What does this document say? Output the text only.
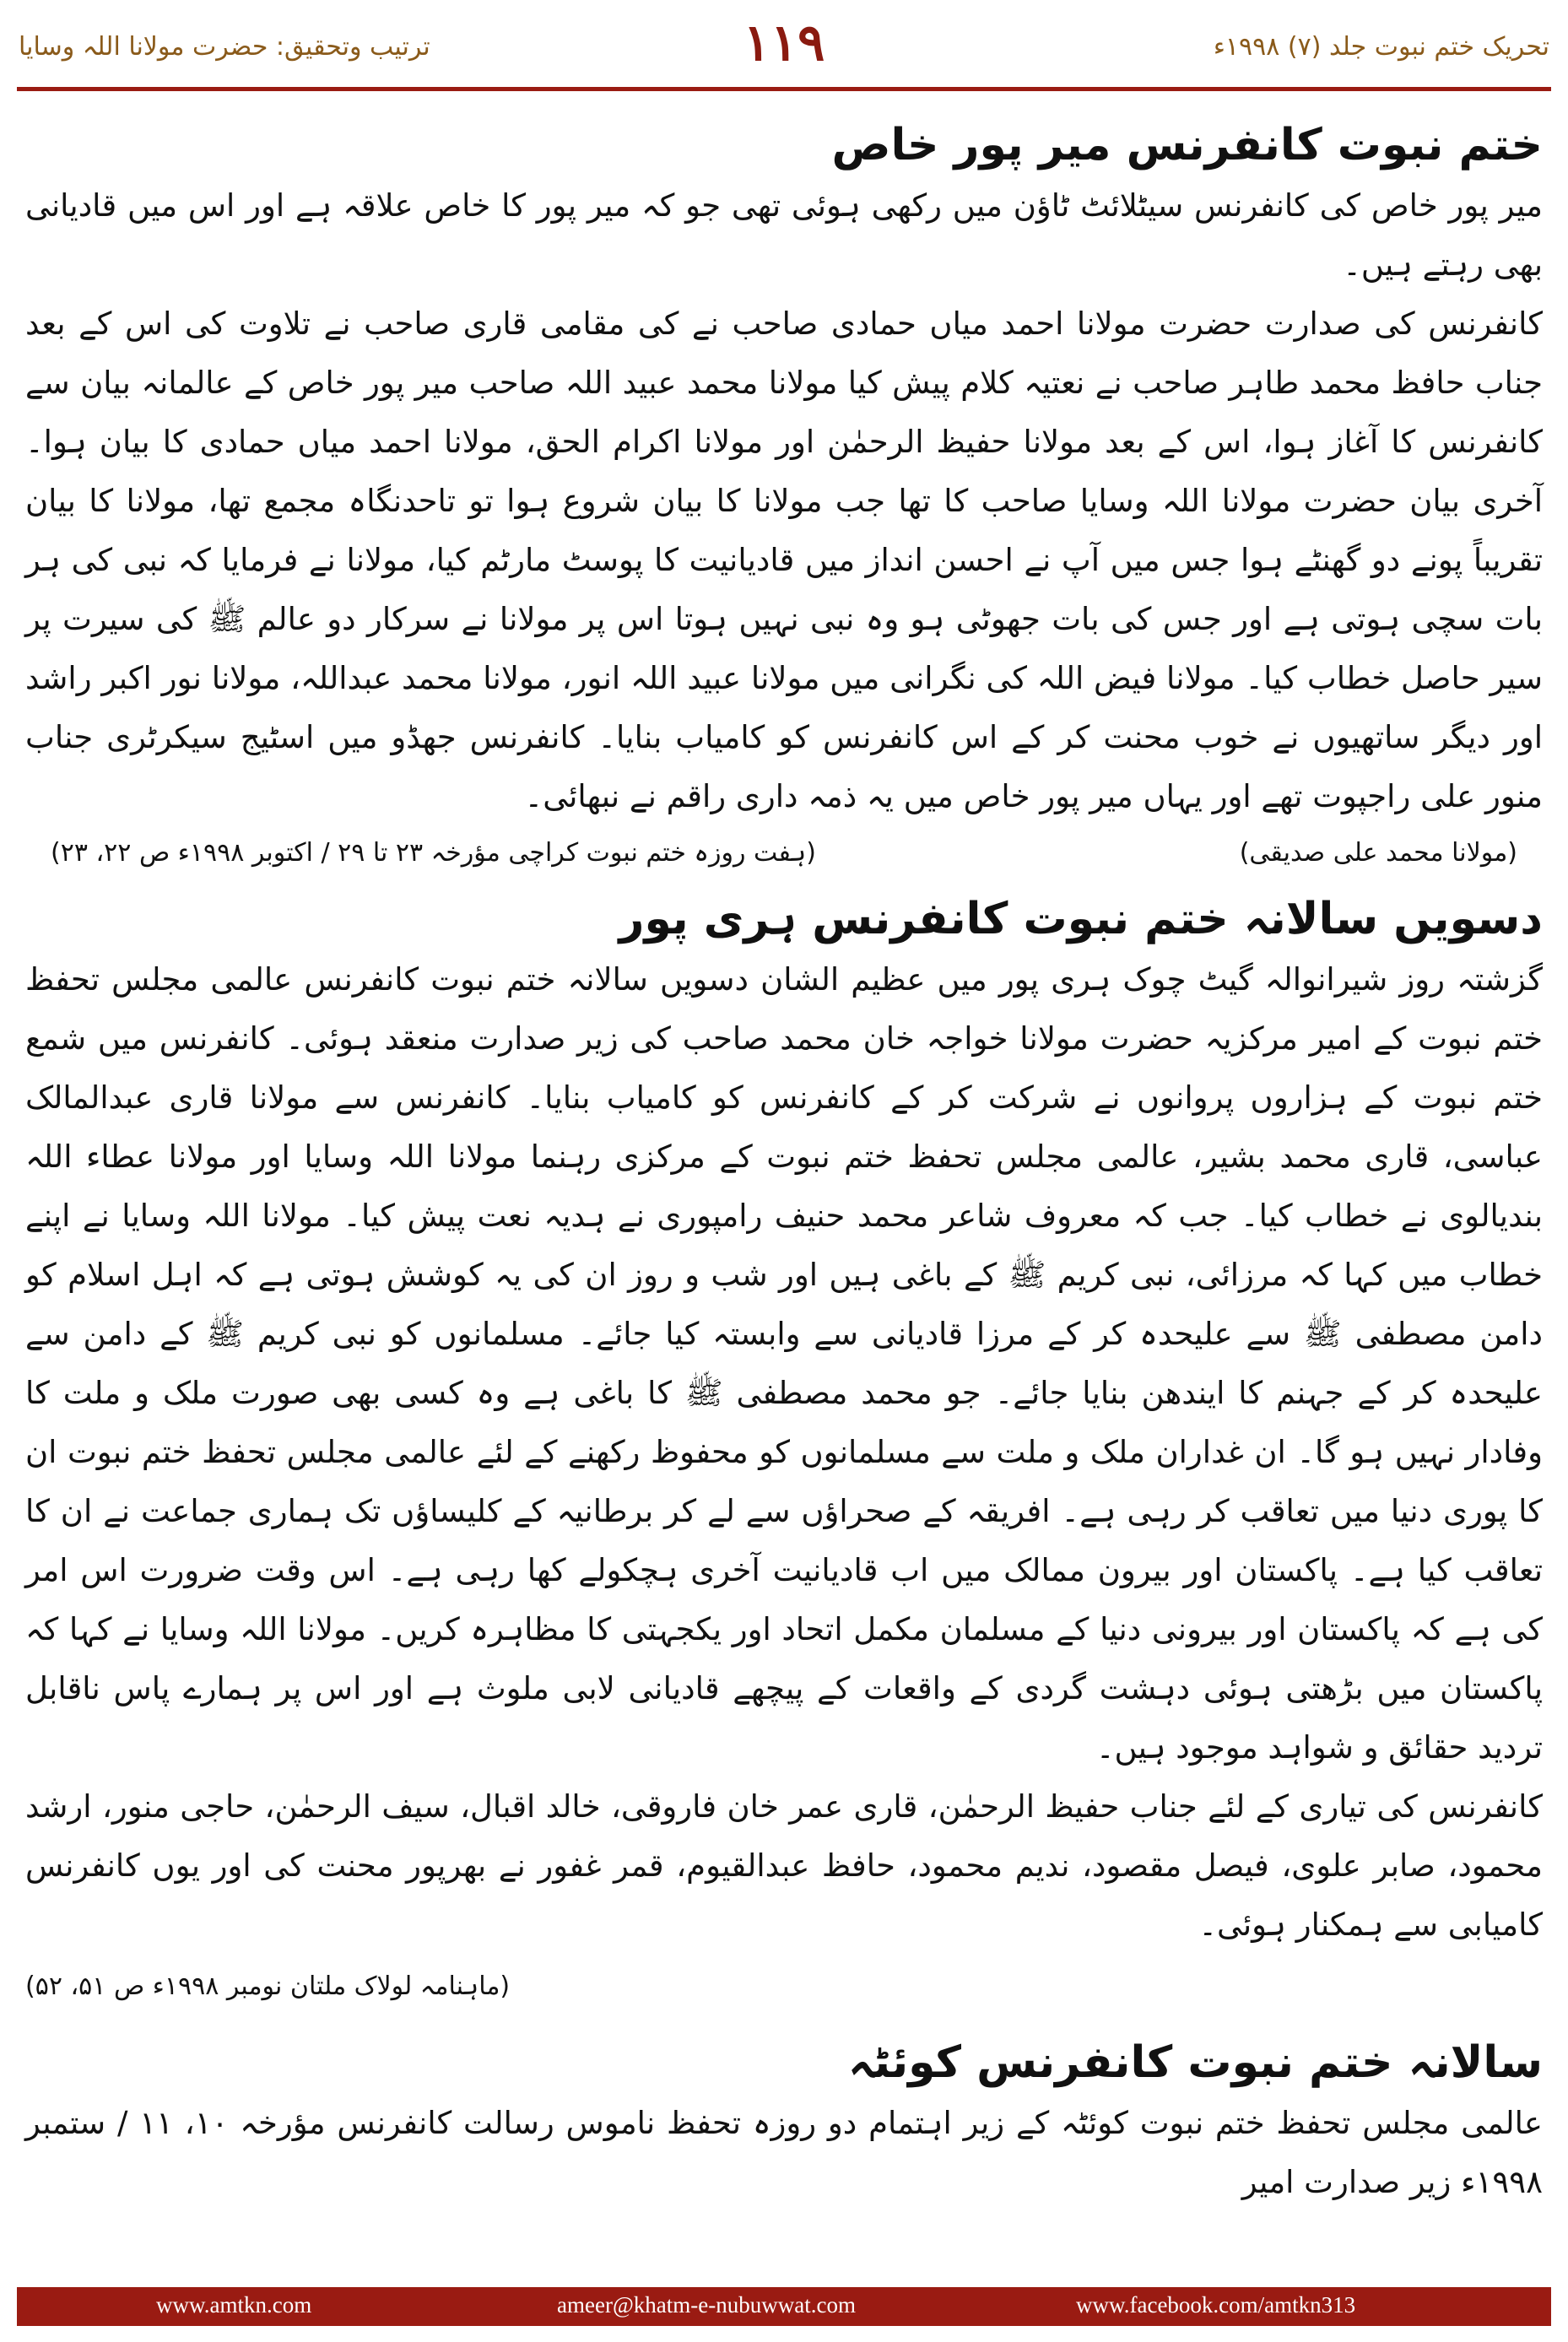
تحریک ختم نبوت جلد (۷) ۱۹۹۸ء
۱۱۹
ترتیب وتحقیق: حضرت مولانا اللہ وسایا
ختم نبوت کانفرنس میر پور خاص

میر پور خاص کی کانفرنس سیٹلائٹ ٹاؤن میں رکھی ہوئی تھی جو کہ میر پور کا خاص علاقہ ہے اور اس میں قادیانی بھی رہتے ہیں۔

کانفرنس کی صدارت حضرت مولانا احمد میاں حمادی صاحب نے کی مقامی قاری صاحب نے تلاوت کی اس کے بعد جناب حافظ محمد طاہر صاحب نے نعتیہ کلام پیش کیا مولانا محمد عبید اللہ صاحب میر پور خاص کے عالمانہ بیان سے کانفرنس کا آغاز ہوا، اس کے بعد مولانا حفیظ الرحمٰن اور مولانا اکرام الحق، مولانا احمد میاں حمادی کا بیان ہوا۔ آخری بیان حضرت مولانا اللہ وسایا صاحب کا تھا جب مولانا کا بیان شروع ہوا تو تاحدنگاہ مجمع تھا، مولانا کا بیان تقریباً پونے دو گھنٹے ہوا جس میں آپ نے احسن انداز میں قادیانیت کا پوسٹ مارٹم کیا، مولانا نے فرمایا کہ نبی کی ہر بات سچی ہوتی ہے اور جس کی بات جھوٹی ہو وہ نبی نہیں ہوتا اس پر مولانا نے سرکار دو عالم ﷺ کی سیرت پر سیر حاصل خطاب کیا۔ مولانا فیض اللہ کی نگرانی میں مولانا عبید اللہ انور، مولانا محمد عبداللہ، مولانا نور اکبر راشد اور دیگر ساتھیوں نے خوب محنت کر کے اس کانفرنس کو کامیاب بنایا۔ کانفرنس جھڈو میں اسٹیج سیکرٹری جناب منور علی راجپوت تھے اور یہاں میر پور خاص میں یہ ذمہ داری راقم نے نبھائی۔

(مولانا محمد علی صدیقی)
(ہفت روزہ ختم نبوت کراچی مؤرخہ ۲۳ تا ۲۹ / اکتوبر ۱۹۹۸ء ص ۲۲، ۲۳)
دسویں سالانہ ختم نبوت کانفرنس ہری پور

گزشتہ روز شیرانوالہ گیٹ چوک ہری پور میں عظیم الشان دسویں سالانہ ختم نبوت کانفرنس عالمی مجلس تحفظ ختم نبوت کے امیر مرکزیہ حضرت مولانا خواجہ خان محمد صاحب کی زیر صدارت منعقد ہوئی۔ کانفرنس میں شمع ختم نبوت کے ہزاروں پروانوں نے شرکت کر کے کانفرنس کو کامیاب بنایا۔ کانفرنس سے مولانا قاری عبدالمالک عباسی، قاری محمد بشیر، عالمی مجلس تحفظ ختم نبوت کے مرکزی رہنما مولانا اللہ وسایا اور مولانا عطاء اللہ بندیالوی نے خطاب کیا۔ جب کہ معروف شاعر محمد حنیف رامپوری نے ہدیہ نعت پیش کیا۔ مولانا اللہ وسایا نے اپنے خطاب میں کہا کہ مرزائی، نبی کریم ﷺ کے باغی ہیں اور شب و روز ان کی یہ کوشش ہوتی ہے کہ اہل اسلام کو دامن مصطفی ﷺ سے علیحدہ کر کے مرزا قادیانی سے وابستہ کیا جائے۔ مسلمانوں کو نبی کریم ﷺ کے دامن سے علیحدہ کر کے جہنم کا ایندھن بنایا جائے۔ جو محمد مصطفی ﷺ کا باغی ہے وہ کسی بھی صورت ملک و ملت کا وفادار نہیں ہو گا۔ ان غداران ملک و ملت سے مسلمانوں کو محفوظ رکھنے کے لئے عالمی مجلس تحفظ ختم نبوت ان کا پوری دنیا میں تعاقب کر رہی ہے۔ افریقہ کے صحراؤں سے لے کر برطانیہ کے کلیساؤں تک ہماری جماعت نے ان کا تعاقب کیا ہے۔ پاکستان اور بیرون ممالک میں اب قادیانیت آخری ہچکولے کھا رہی ہے۔ اس وقت ضرورت اس امر کی ہے کہ پاکستان اور بیرونی دنیا کے مسلمان مکمل اتحاد اور یکجہتی کا مظاہرہ کریں۔ مولانا اللہ وسایا نے کہا کہ پاکستان میں بڑھتی ہوئی دہشت گردی کے واقعات کے پیچھے قادیانی لابی ملوث ہے اور اس پر ہمارے پاس ناقابل تردید حقائق و شواہد موجود ہیں۔

کانفرنس کی تیاری کے لئے جناب حفیظ الرحمٰن، قاری عمر خان فاروقی، خالد اقبال، سیف الرحمٰن، حاجی منور، ارشد محمود، صابر علوی، فیصل مقصود، ندیم محمود، حافظ عبدالقیوم، قمر غفور نے بھرپور محنت کی اور یوں کانفرنس کامیابی سے ہمکنار ہوئی۔

(ماہنامہ لولاک ملتان نومبر ۱۹۹۸ء ص ۵۱، ۵۲)
سالانہ ختم نبوت کانفرنس کوئٹہ

عالمی مجلس تحفظ ختم نبوت کوئٹہ کے زیر اہتمام دو روزہ تحفظ ناموس رسالت کانفرنس مؤرخہ ۱۰، ۱۱ / ستمبر ۱۹۹۸ء زیر صدارت امیر

www.amtkn.com	ameer@khatm-e-nubuwwat.com	www.facebook.com/amtkn313
